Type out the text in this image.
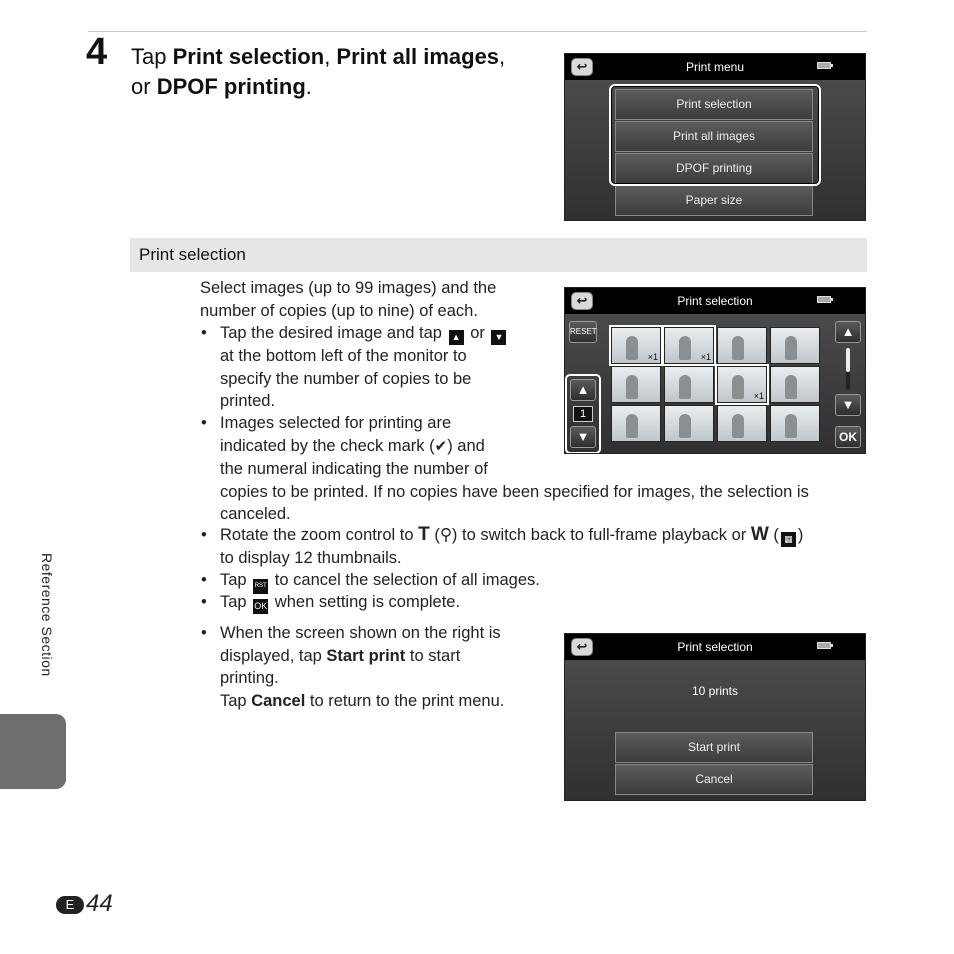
4 Tap Print selection, Print all images,
or DPOF printing.
↩	Print menu
Print selection
Print all images
DPOF printing
Paper size
Print selection
Select images (up to 99 images) and the
number of copies (up to nine) of each.
• Tap the desired image and tap ▲ or ▼
at the bottom left of the monitor to
specify the number of copies to be
printed.
• Images selected for printing are
indicated by the check mark (✔) and
the numeral indicating the number of
copies to be printed. If no copies have been specified for images, the selection is
canceled.
• Rotate the zoom control to T (⚲) to switch back to full-frame playback or W ( ▦ )
to display 12 thumbnails.
• Tap RST to cancel the selection of all images.
• Tap OK when setting is complete.
• When the screen shown on the right is
displayed, tap Start print to start
printing.
Tap Cancel to return to the print menu.
↩	Print selection
RESET
×1	×1
×1
▲
1
▼
▲
▼
OK
↩	Print selection
10 prints
Start print
Cancel
Reference Section
E 44
